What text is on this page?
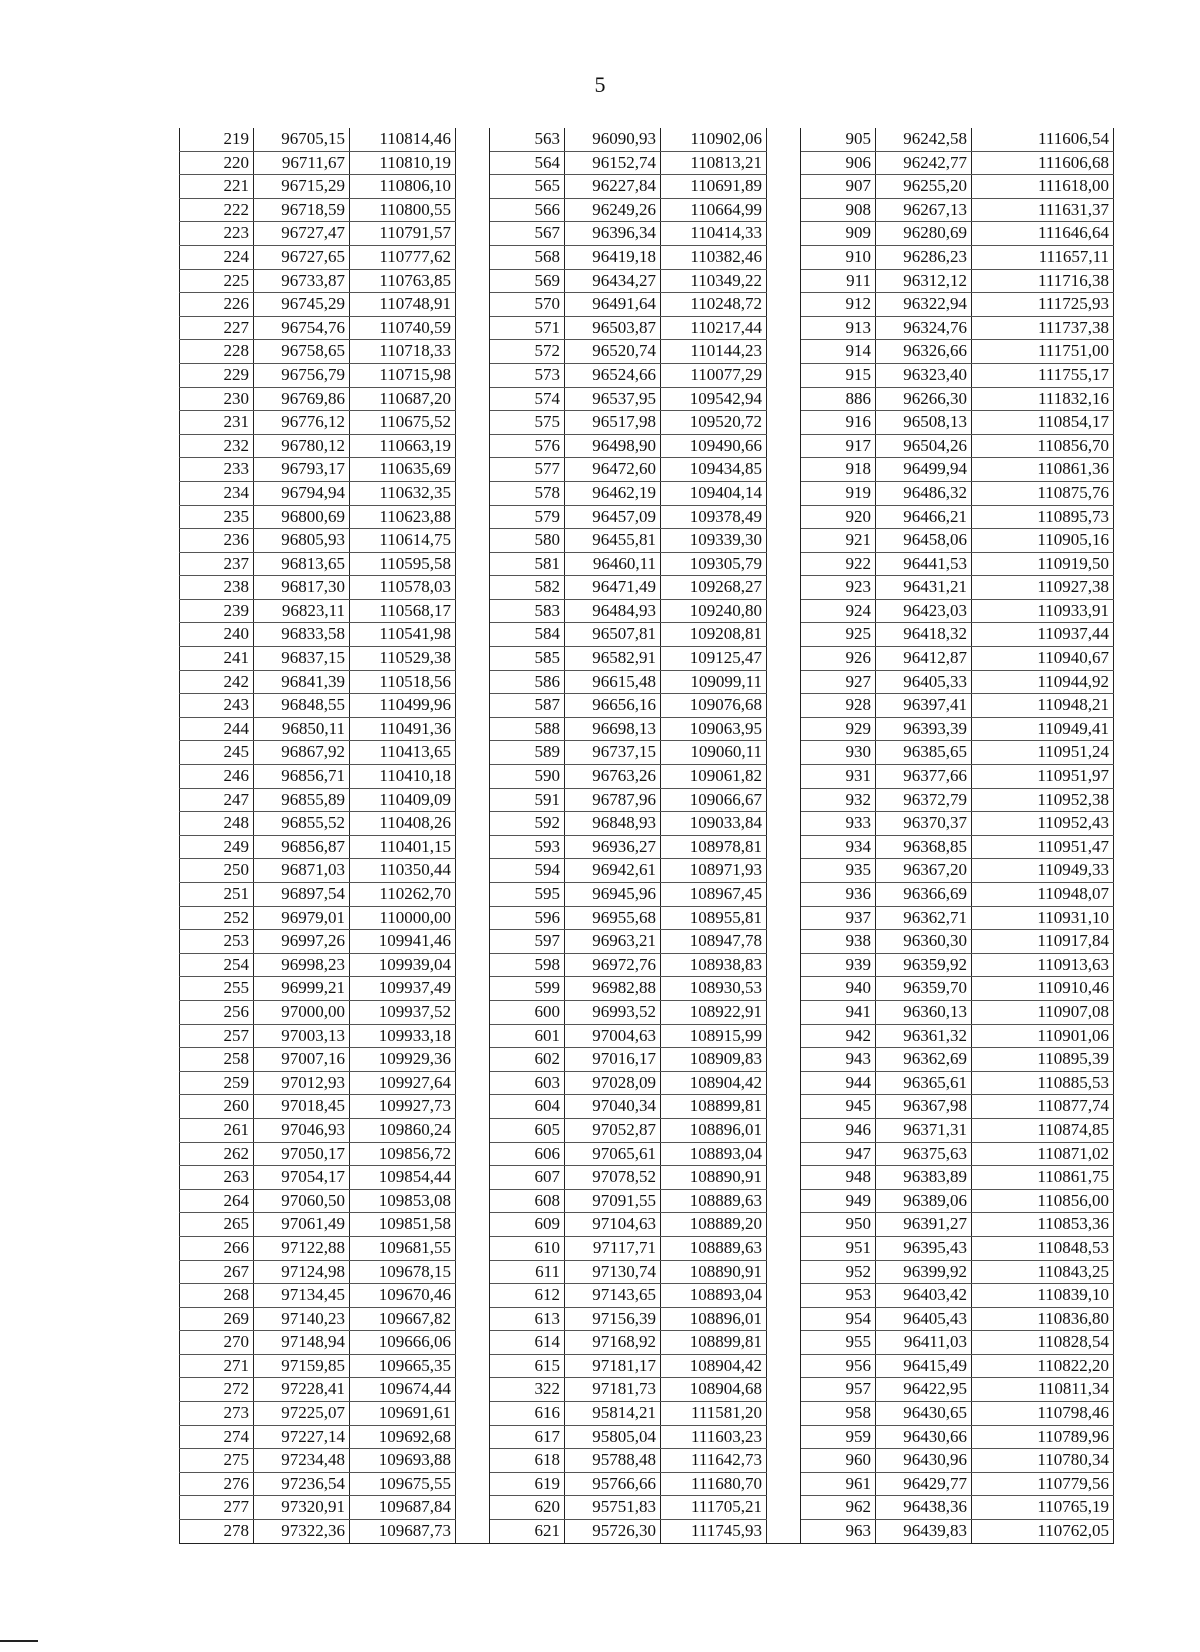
5
219	96705,15	110814,46		563	96090,93	110902,06		905	96242,58	111606,54
220	96711,67	110810,19		564	96152,74	110813,21		906	96242,77	111606,68
221	96715,29	110806,10		565	96227,84	110691,89		907	96255,20	111618,00
222	96718,59	110800,55		566	96249,26	110664,99		908	96267,13	111631,37
223	96727,47	110791,57		567	96396,34	110414,33		909	96280,69	111646,64
224	96727,65	110777,62		568	96419,18	110382,46		910	96286,23	111657,11
225	96733,87	110763,85		569	96434,27	110349,22		911	96312,12	111716,38
226	96745,29	110748,91		570	96491,64	110248,72		912	96322,94	111725,93
227	96754,76	110740,59		571	96503,87	110217,44		913	96324,76	111737,38
228	96758,65	110718,33		572	96520,74	110144,23		914	96326,66	111751,00
229	96756,79	110715,98		573	96524,66	110077,29		915	96323,40	111755,17
230	96769,86	110687,20		574	96537,95	109542,94		886	96266,30	111832,16
231	96776,12	110675,52		575	96517,98	109520,72		916	96508,13	110854,17
232	96780,12	110663,19		576	96498,90	109490,66		917	96504,26	110856,70
233	96793,17	110635,69		577	96472,60	109434,85		918	96499,94	110861,36
234	96794,94	110632,35		578	96462,19	109404,14		919	96486,32	110875,76
235	96800,69	110623,88		579	96457,09	109378,49		920	96466,21	110895,73
236	96805,93	110614,75		580	96455,81	109339,30		921	96458,06	110905,16
237	96813,65	110595,58		581	96460,11	109305,79		922	96441,53	110919,50
238	96817,30	110578,03		582	96471,49	109268,27		923	96431,21	110927,38
239	96823,11	110568,17		583	96484,93	109240,80		924	96423,03	110933,91
240	96833,58	110541,98		584	96507,81	109208,81		925	96418,32	110937,44
241	96837,15	110529,38		585	96582,91	109125,47		926	96412,87	110940,67
242	96841,39	110518,56		586	96615,48	109099,11		927	96405,33	110944,92
243	96848,55	110499,96		587	96656,16	109076,68		928	96397,41	110948,21
244	96850,11	110491,36		588	96698,13	109063,95		929	96393,39	110949,41
245	96867,92	110413,65		589	96737,15	109060,11		930	96385,65	110951,24
246	96856,71	110410,18		590	96763,26	109061,82		931	96377,66	110951,97
247	96855,89	110409,09		591	96787,96	109066,67		932	96372,79	110952,38
248	96855,52	110408,26		592	96848,93	109033,84		933	96370,37	110952,43
249	96856,87	110401,15		593	96936,27	108978,81		934	96368,85	110951,47
250	96871,03	110350,44		594	96942,61	108971,93		935	96367,20	110949,33
251	96897,54	110262,70		595	96945,96	108967,45		936	96366,69	110948,07
252	96979,01	110000,00		596	96955,68	108955,81		937	96362,71	110931,10
253	96997,26	109941,46		597	96963,21	108947,78		938	96360,30	110917,84
254	96998,23	109939,04		598	96972,76	108938,83		939	96359,92	110913,63
255	96999,21	109937,49		599	96982,88	108930,53		940	96359,70	110910,46
256	97000,00	109937,52		600	96993,52	108922,91		941	96360,13	110907,08
257	97003,13	109933,18		601	97004,63	108915,99		942	96361,32	110901,06
258	97007,16	109929,36		602	97016,17	108909,83		943	96362,69	110895,39
259	97012,93	109927,64		603	97028,09	108904,42		944	96365,61	110885,53
260	97018,45	109927,73		604	97040,34	108899,81		945	96367,98	110877,74
261	97046,93	109860,24		605	97052,87	108896,01		946	96371,31	110874,85
262	97050,17	109856,72		606	97065,61	108893,04		947	96375,63	110871,02
263	97054,17	109854,44		607	97078,52	108890,91		948	96383,89	110861,75
264	97060,50	109853,08		608	97091,55	108889,63		949	96389,06	110856,00
265	97061,49	109851,58		609	97104,63	108889,20		950	96391,27	110853,36
266	97122,88	109681,55		610	97117,71	108889,63		951	96395,43	110848,53
267	97124,98	109678,15		611	97130,74	108890,91		952	96399,92	110843,25
268	97134,45	109670,46		612	97143,65	108893,04		953	96403,42	110839,10
269	97140,23	109667,82		613	97156,39	108896,01		954	96405,43	110836,80
270	97148,94	109666,06		614	97168,92	108899,81		955	96411,03	110828,54
271	97159,85	109665,35		615	97181,17	108904,42		956	96415,49	110822,20
272	97228,41	109674,44		322	97181,73	108904,68		957	96422,95	110811,34
273	97225,07	109691,61		616	95814,21	111581,20		958	96430,65	110798,46
274	97227,14	109692,68		617	95805,04	111603,23		959	96430,66	110789,96
275	97234,48	109693,88		618	95788,48	111642,73		960	96430,96	110780,34
276	97236,54	109675,55		619	95766,66	111680,70		961	96429,77	110779,56
277	97320,91	109687,84		620	95751,83	111705,21		962	96438,36	110765,19
278	97322,36	109687,73		621	95726,30	111745,93		963	96439,83	110762,05
